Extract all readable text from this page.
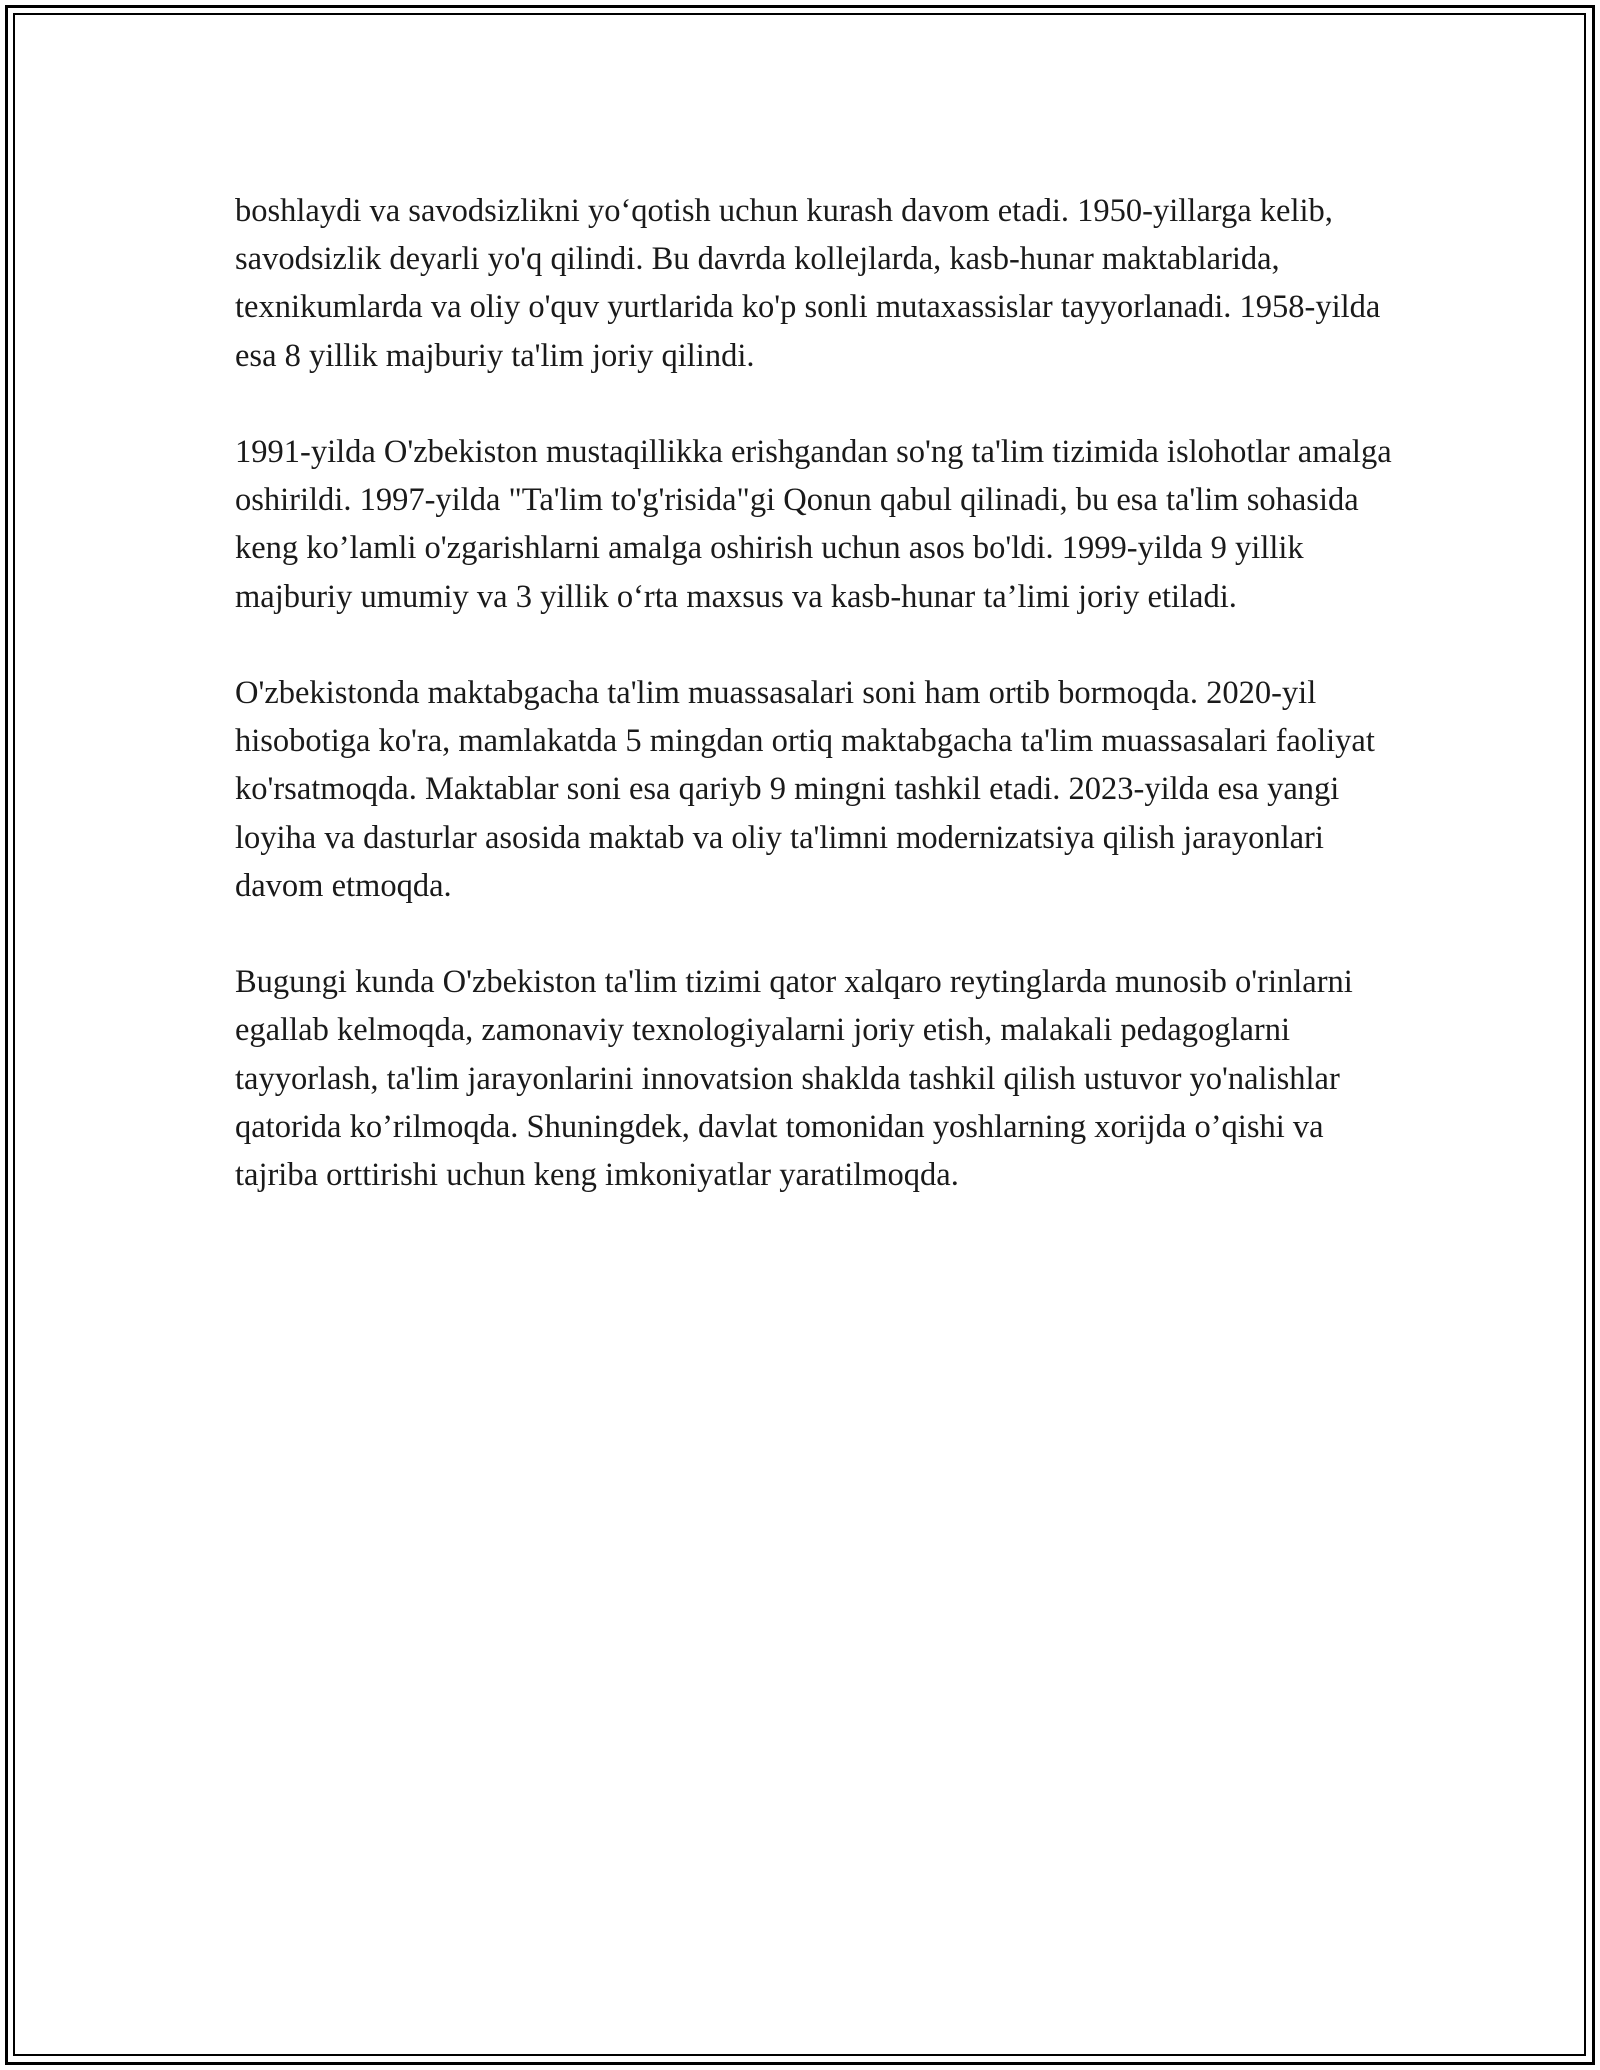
boshlaydi va savodsizlikni yo‘qotish uchun kurash davom etadi. 1950-yillarga kelib, savodsizlik deyarli yo'q qilindi. Bu davrda kollejlarda, kasb-hunar maktablarida, texnikumlarda va oliy o'quv yurtlarida ko'p sonli mutaxassislar tayyorlanadi. 1958-yilda esa 8 yillik majburiy ta'lim joriy qilindi.

1991-yilda O'zbekiston mustaqillikka erishgandan so'ng ta'lim tizimida islohotlar amalga oshirildi. 1997-yilda "Ta'lim to'g'risida"gi Qonun qabul qilinadi, bu esa ta'lim sohasida keng ko’lamli o'zgarishlarni amalga oshirish uchun asos bo'ldi. 1999-yilda 9 yillik majburiy umumiy va 3 yillik o‘rta maxsus va kasb-hunar ta’limi joriy etiladi.

O'zbekistonda maktabgacha ta'lim muassasalari soni ham ortib bormoqda. 2020-yil hisobotiga ko'ra, mamlakatda 5 mingdan ortiq maktabgacha ta'lim muassasalari faoliyat ko'rsatmoqda. Maktablar soni esa qariyb 9 mingni tashkil etadi. 2023-yilda esa yangi loyiha va dasturlar asosida maktab va oliy ta'limni modernizatsiya qilish jarayonlari davom etmoqda.

Bugungi kunda O'zbekiston ta'lim tizimi qator xalqaro reytinglarda munosib o'rinlarni egallab kelmoqda, zamonaviy texnologiyalarni joriy etish, malakali pedagoglarni tayyorlash, ta'lim jarayonlarini innovatsion shaklda tashkil qilish ustuvor yo'nalishlar qatorida ko’rilmoqda. Shuningdek, davlat tomonidan yoshlarning xorijda o’qishi va tajriba orttirishi uchun keng imkoniyatlar yaratilmoqda.
